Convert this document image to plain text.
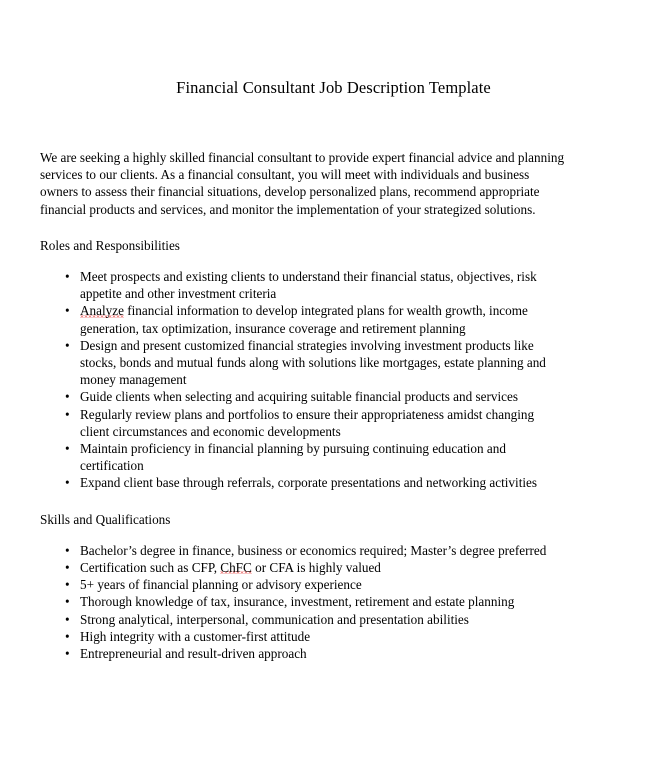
Financial Consultant Job Description Template

We are seeking a highly skilled financial consultant to provide expert financial advice and planning services to our clients. As a financial consultant, you will meet with individuals and business owners to assess their financial situations, develop personalized plans, recommend appropriate financial products and services, and monitor the implementation of your strategized solutions.

Roles and Responsibilities
• Meet prospects and existing clients to understand their financial status, objectives, risk appetite and other investment criteria
• Analyze financial information to develop integrated plans for wealth growth, income generation, tax optimization, insurance coverage and retirement planning
• Design and present customized financial strategies involving investment products like stocks, bonds and mutual funds along with solutions like mortgages, estate planning and money management
• Guide clients when selecting and acquiring suitable financial products and services
• Regularly review plans and portfolios to ensure their appropriateness amidst changing client circumstances and economic developments
• Maintain proficiency in financial planning by pursuing continuing education and certification
• Expand client base through referrals, corporate presentations and networking activities
Skills and Qualifications
• Bachelor’s degree in finance, business or economics required; Master’s degree preferred
• Certification such as CFP, ChFC or CFA is highly valued
• 5+ years of financial planning or advisory experience
• Thorough knowledge of tax, insurance, investment, retirement and estate planning
• Strong analytical, interpersonal, communication and presentation abilities
• High integrity with a customer-first attitude
• Entrepreneurial and result-driven approach
